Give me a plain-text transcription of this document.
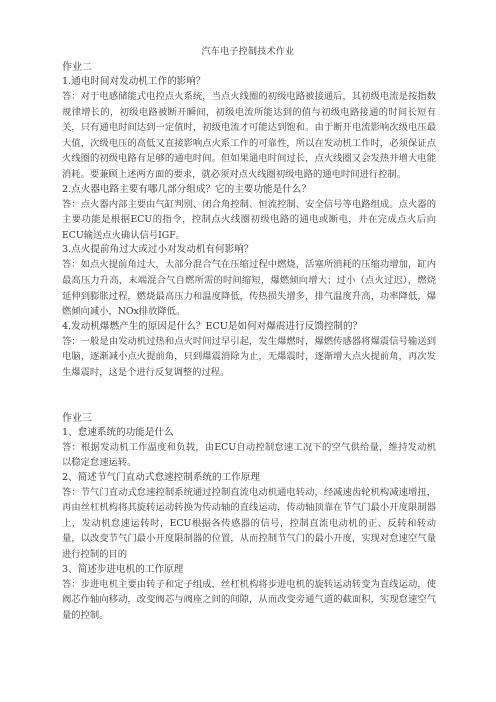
汽车电子控制技术作业

作业二

1.通电时间对发动机工作的影响？

答：对于电感储能式电控点火系统，当点火线圈的初级电路被接通后，其初级电流是按指数规律增长的，初级电路被断开瞬间，初级电流所能达到的值与初级电路接通的时间长短有关，只有通电时间达到一定值时，初级电流才可能达到饱和。由于断开电流影响次级电压最大值，次级电压的高低又直接影响点火系工作的可靠性，所以在发动机工作时，必须保证点火线圈的初级电路有足够的通电时间。但如果通电时间过长，点火线圈又会发热并增大电能消耗。要兼顾上述两方面的要求，就必须对点火线圈初级电路的通电时间进行控制。

2.点火器电路主要有哪几部分组成？它的主要功能是什么？

答：点火器内部主要由气缸判别、闭合角控制、恒流控制、安全信号等电路组成。点火器的主要功能是根据ECU的指令，控制点火线圈初级电路的通电或断电，并在完成点火后向ECU输送点火确认信号IGF。

3.点火提前角过大或过小对发动机有何影响？

答：如点火提前角过大，大部分混合气在压缩过程中燃烧，活塞所消耗的压缩功增加，缸内最高压力升高，末端混合气自燃所需的时间缩短，爆燃倾向增大；过小（点火过迟），燃烧延伸到膨胀过程，燃烧最高压力和温度降低，传热损失增多，排气温度升高，功率降低，爆燃倾向减小，NOx排放降低。

4.发动机爆燃产生的原因是什么？ECU是如何对爆震进行反馈控制的？

答：一般是由发动机过热和点火时间过早引起，发生爆燃时，爆燃传感器将爆震信号输送到电脑，逐渐减小点火提前角，只到爆震消除为止，无爆震时，逐渐增大点火提前角，再次发生爆震时，这是个进行反复调整的过程。

作业三

1、怠速系统的功能是什么

答：根据发动机工作温度和负载，由ECU自动控制怠速工况下的空气供给量，维持发动机以稳定怠速运转。

2、简述节气门直动式怠速控制系统的工作原理

答：节气门直动式怠速控制系统通过控制直流电动机通电转动，经减速齿轮机构减速增扭，再由丝杠机构将其旋转运动转换为传动轴的直线运动，传动轴顶靠在节气门最小开度限制器上，发动机怠速运转时，ECU根据各传感器的信号，控制直流电动机的正、反转和转动量，以改变节气门最小开度限制器的位置，从而控制节气门的最小开度，实现对怠速空气量进行控制的目的

3、简述步进电机的工作原理

答：步进电机主要由转子和定子组成，丝杠机构将步进电机的旋转运动转变为直线运动，使阀芯作轴向移动，改变阀芯与阀座之间的间隙，从而改变旁通气道的截面积，实现怠速空气量的控制。
